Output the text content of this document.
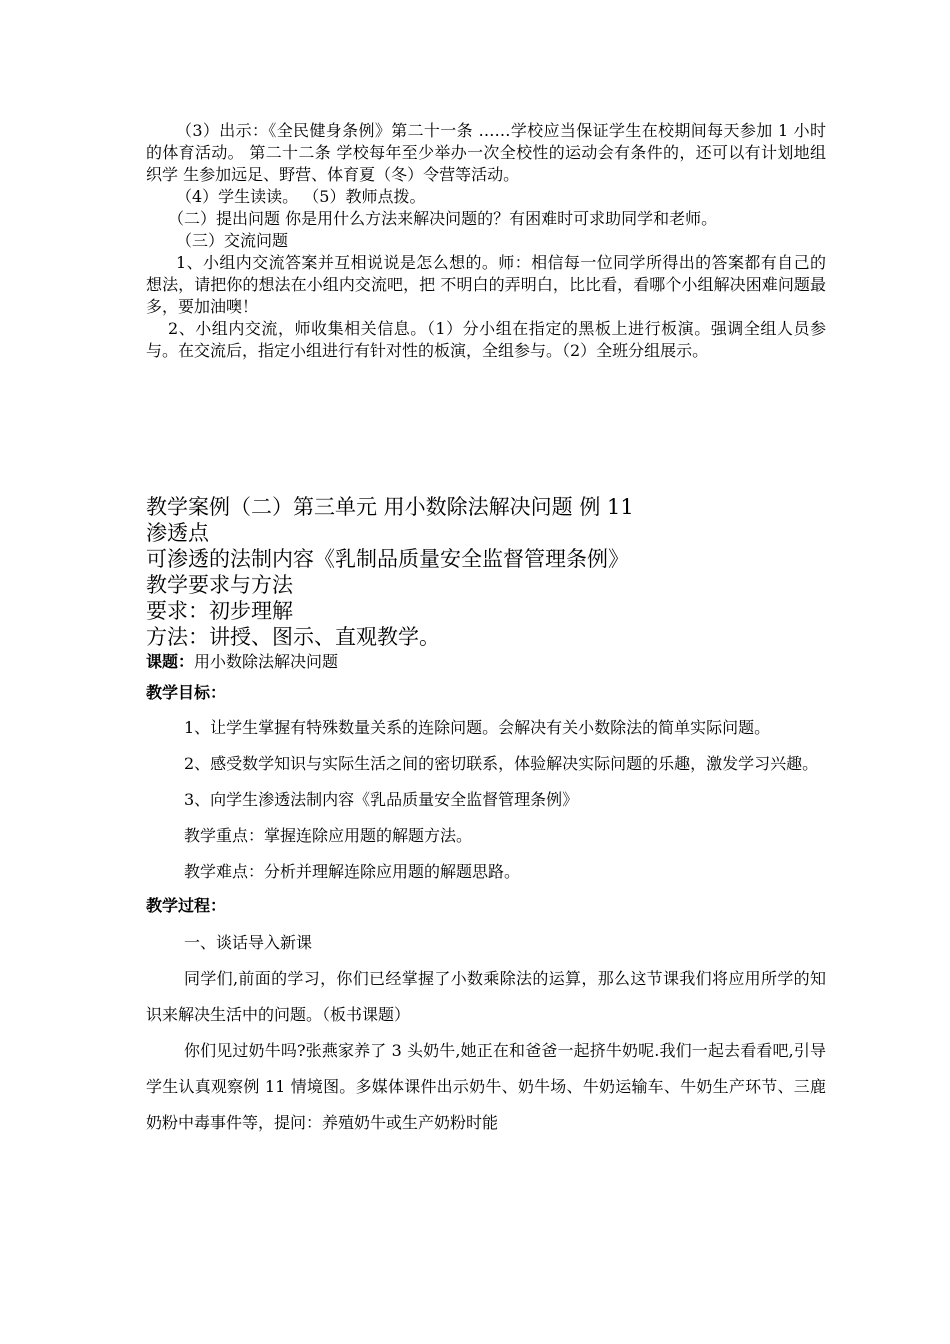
（3）出示：《全民健身条例》第二十一条 ……学校应当保证学生在校期间每天参加 1 小时的体育活动。 第二十二条 学校每年至少举办一次全校性的运动会有条件的，还可以有计划地组织学 生参加远足、野营、体育夏（冬）令营等活动。

（4）学生读读。 （5）教师点拨。

（二）提出问题 你是用什么方法来解决问题的？有困难时可求助同学和老师。

（三）交流问题

1、小组内交流答案并互相说说是怎么想的。师：相信每一位同学所得出的答案都有自己的想法，请把你的想法在小组内交流吧，把 不明白的弄明白，比比看，看哪个小组解决困难问题最多，要加油噢！

2、小组内交流，师收集相关信息。（1）分小组在指定的黑板上进行板演。强调全组人员参与。在交流后，指定小组进行有针对性的板演，全组参与。（2）全班分组展示。

教学案例（二）第三单元 用小数除法解决问题 例 11

渗透点

可渗透的法制内容《乳制品质量安全监督管理条例》

教学要求与方法

要求：初步理解

方法：讲授、图示、直观教学。

课题：用小数除法解决问题

教学目标：

1、让学生掌握有特殊数量关系的连除问题。会解决有关小数除法的简单实际问题。

2、感受数学知识与实际生活之间的密切联系，体验解决实际问题的乐趣，激发学习兴趣。

3、向学生渗透法制内容《乳品质量安全监督管理条例》

教学重点：掌握连除应用题的解题方法。

教学难点：分析并理解连除应用题的解题思路。

教学过程：

一、谈话导入新课

同学们,前面的学习，你们已经掌握了小数乘除法的运算，那么这节课我们将应用所学的知识来解决生活中的问题。（板书课题）

你们见过奶牛吗?张燕家养了 3 头奶牛,她正在和爸爸一起挤牛奶呢.我们一起去看看吧,引导学生认真观察例 11 情境图。多媒体课件出示奶牛、奶牛场、牛奶运输车、牛奶生产环节、三鹿奶粉中毒事件等，提问：养殖奶牛或生产奶粉时能
